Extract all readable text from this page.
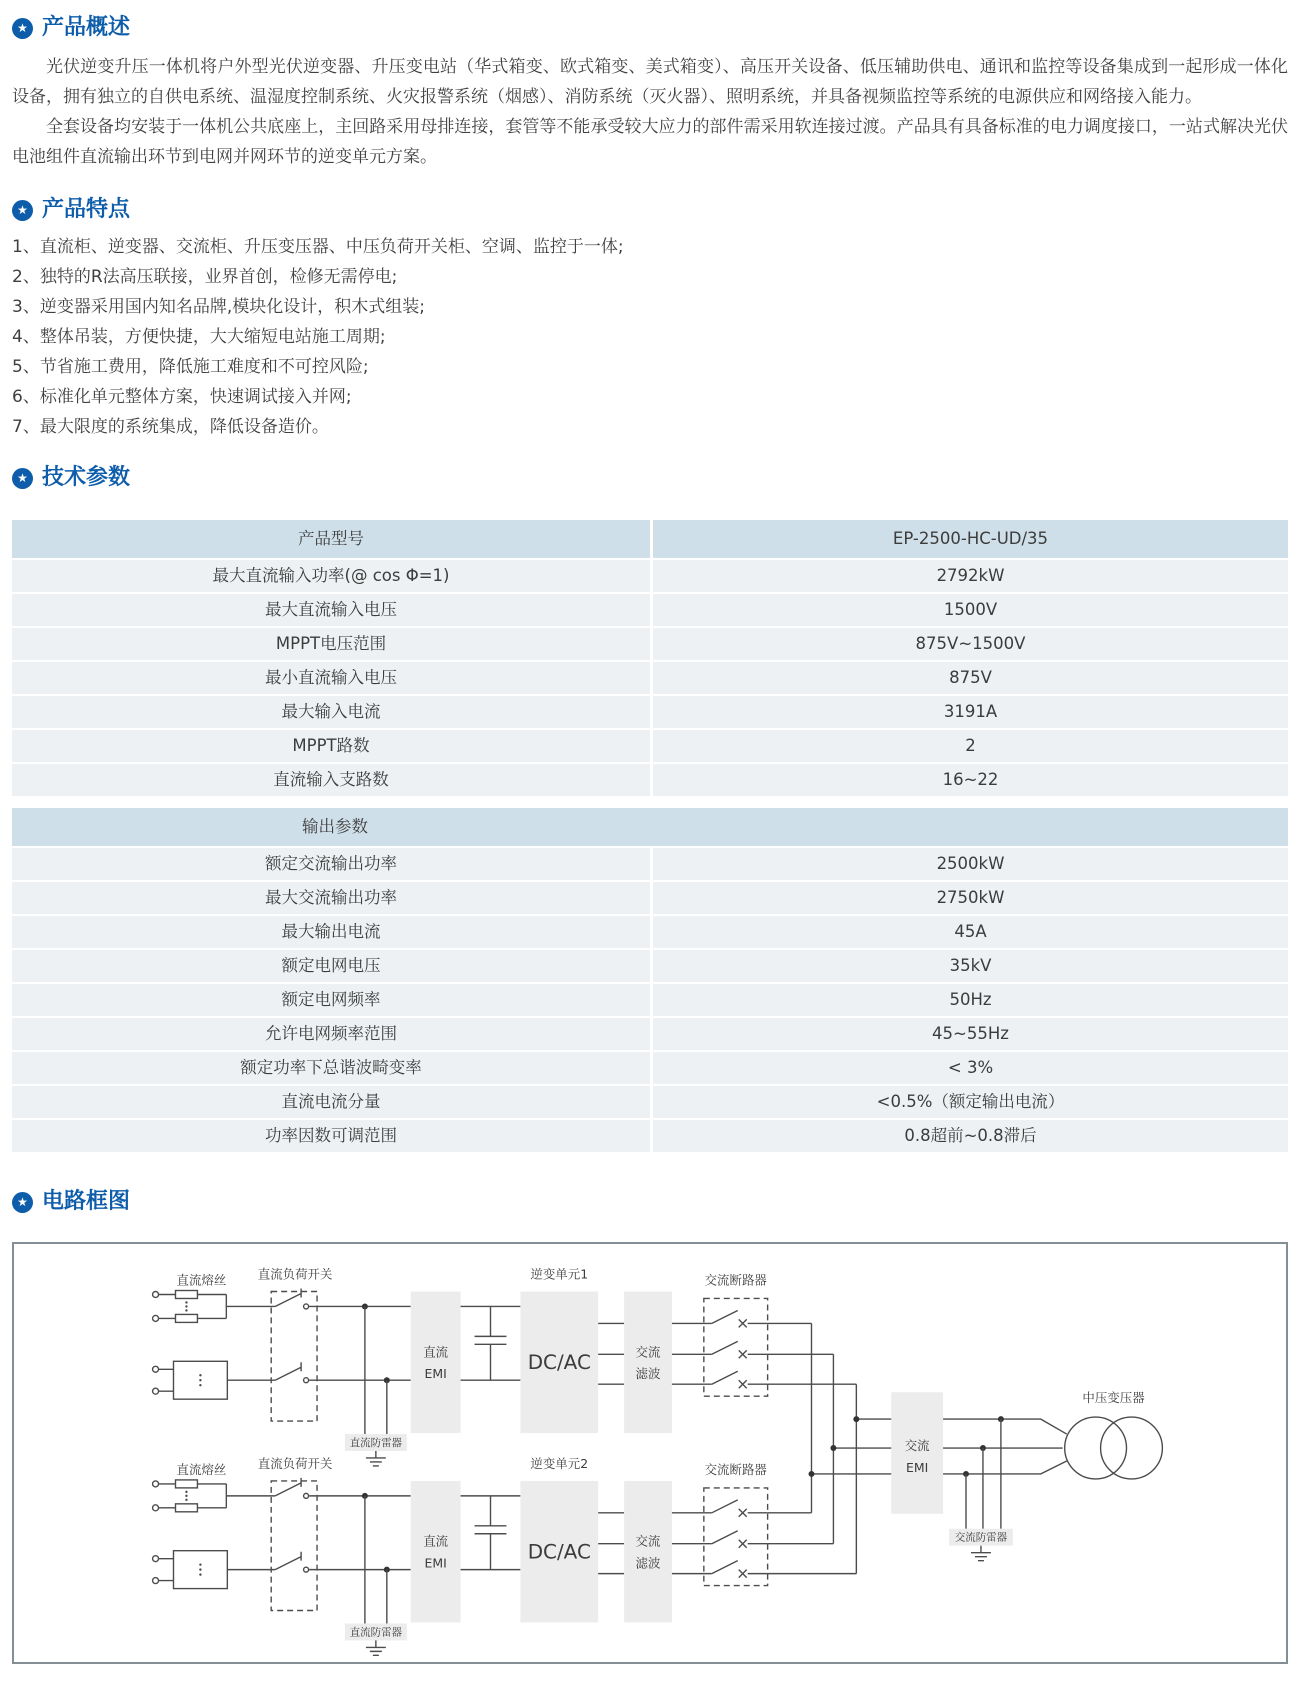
★ 产品概述

光伏逆变升压一体机将户外型光伏逆变器、升压变电站（华式箱变、欧式箱变、美式箱变）、高压开关设备、低压辅助供电、通讯和监控等设备集成到一起形成一体化设备，拥有独立的自供电系统、温湿度控制系统、火灾报警系统（烟感）、消防系统（灭火器）、照明系统，并具备视频监控等系统的电源供应和网络接入能力。

全套设备均安装于一体机公共底座上，主回路采用母排连接，套管等不能承受较大应力的部件需采用软连接过渡。产品具有具备标准的电力调度接口，一站式解决光伏电池组件直流输出环节到电网并网环节的逆变单元方案。

★ 产品特点
1、直流柜、逆变器、交流柜、升压变压器、中压负荷开关柜、空调、监控于一体;
2、独特的R法高压联接，业界首创，检修无需停电;
3、逆变器采用国内知名品牌,模块化设计，积木式组装;
4、整体吊装，方便快捷，大大缩短电站施工周期;
5、节省施工费用，降低施工难度和不可控风险;
6、标准化单元整体方案，快速调试接入并网;
7、最大限度的系统集成，降低设备造价。
★ 技术参数
产品型号	EP-2500-HC-UD/35
最大直流输入功率(@ cos Φ=1)	2792kW
最大直流输入电压	1500V
MPPT电压范围	875V~1500V
最小直流输入电压	875V
最大输入电流	3191A
MPPT路数	2
直流输入支路数	16~22
输出参数
额定交流输出功率	2500kW
最大交流输出功率	2750kW
最大输出电流	45A
额定电网电压	35kV
额定电网频率	50Hz
允许电网频率范围	45~55Hz
额定功率下总谐波畸变率	< 3%
直流电流分量	<0.5%（额定输出电流）
功率因数可调范围	0.8超前~0.8滞后
★ 电路框图
直流熔丝	直流负荷开关	逆变单元1	交流断路器
直流防雷器
直流
EMI	DC/AC	交流
滤波
直流熔丝	直流负荷开关	逆变单元2	交流断路器
直流防雷器
直流
EMI	DC/AC	交流
滤波
交流
EMI
交流防雷器
中压变压器
